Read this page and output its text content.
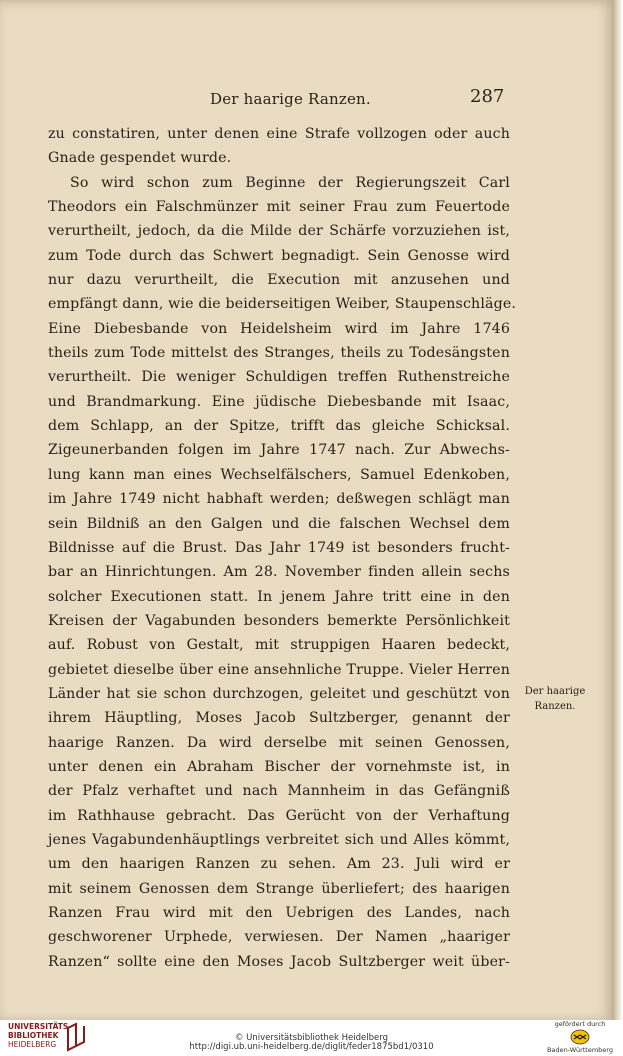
Der haarige Ranzen.	287
zu constatiren, unter denen eine Strafe vollzogen oder auch
Gnade gespendet wurde.
So wird schon zum Beginne der Regierungszeit Carl
Theodors ein Falschmünzer mit seiner Frau zum Feuertode
verurtheilt, jedoch, da die Milde der Schärfe vorzuziehen ist,
zum Tode durch das Schwert begnadigt. Sein Genosse wird
nur dazu verurtheilt, die Execution mit anzusehen und
empfängt dann, wie die beiderseitigen Weiber, Staupenschläge.
Eine Diebesbande von Heidelsheim wird im Jahre 1746
theils zum Tode mittelst des Stranges, theils zu Todesängsten
verurtheilt. Die weniger Schuldigen treffen Ruthenstreiche
und Brandmarkung. Eine jüdische Diebesbande mit Isaac,
dem Schlapp, an der Spitze, trifft das gleiche Schicksal.
Zigeunerbanden folgen im Jahre 1747 nach. Zur Abwechs-
lung kann man eines Wechselfälschers, Samuel Edenkoben,
im Jahre 1749 nicht habhaft werden; deßwegen schlägt man
sein Bildniß an den Galgen und die falschen Wechsel dem
Bildnisse auf die Brust. Das Jahr 1749 ist besonders frucht-
bar an Hinrichtungen. Am 28. November finden allein sechs
solcher Executionen statt. In jenem Jahre tritt eine in den
Kreisen der Vagabunden besonders bemerkte Persönlichkeit
auf. Robust von Gestalt, mit struppigen Haaren bedeckt,
gebietet dieselbe über eine ansehnliche Truppe. Vieler Herren
Länder hat sie schon durchzogen, geleitet und geschützt von
ihrem Häuptling, Moses Jacob Sultzberger, genannt der
haarige Ranzen. Da wird derselbe mit seinen Genossen,
unter denen ein Abraham Bischer der vornehmste ist, in
der Pfalz verhaftet und nach Mannheim in das Gefängniß
im Rathhause gebracht. Das Gerücht von der Verhaftung
jenes Vagabundenhäuptlings verbreitet sich und Alles kömmt,
um den haarigen Ranzen zu sehen. Am 23. Juli wird er
mit seinem Genossen dem Strange überliefert; des haarigen
Ranzen Frau wird mit den Uebrigen des Landes, nach
geschworener Urphede, verwiesen. Der Namen „haariger
Ranzen“ sollte eine den Moses Jacob Sultzberger weit über-
Der haarige
Ranzen.
UNIVERSITÄTS-
BIBLIOTHEK
HEIDELBERG
© Universitätsbibliothek Heidelberg
http://digi.ub.uni-heidelberg.de/diglit/feder1875bd1/0310
gefördert durch
Baden-Württemberg
